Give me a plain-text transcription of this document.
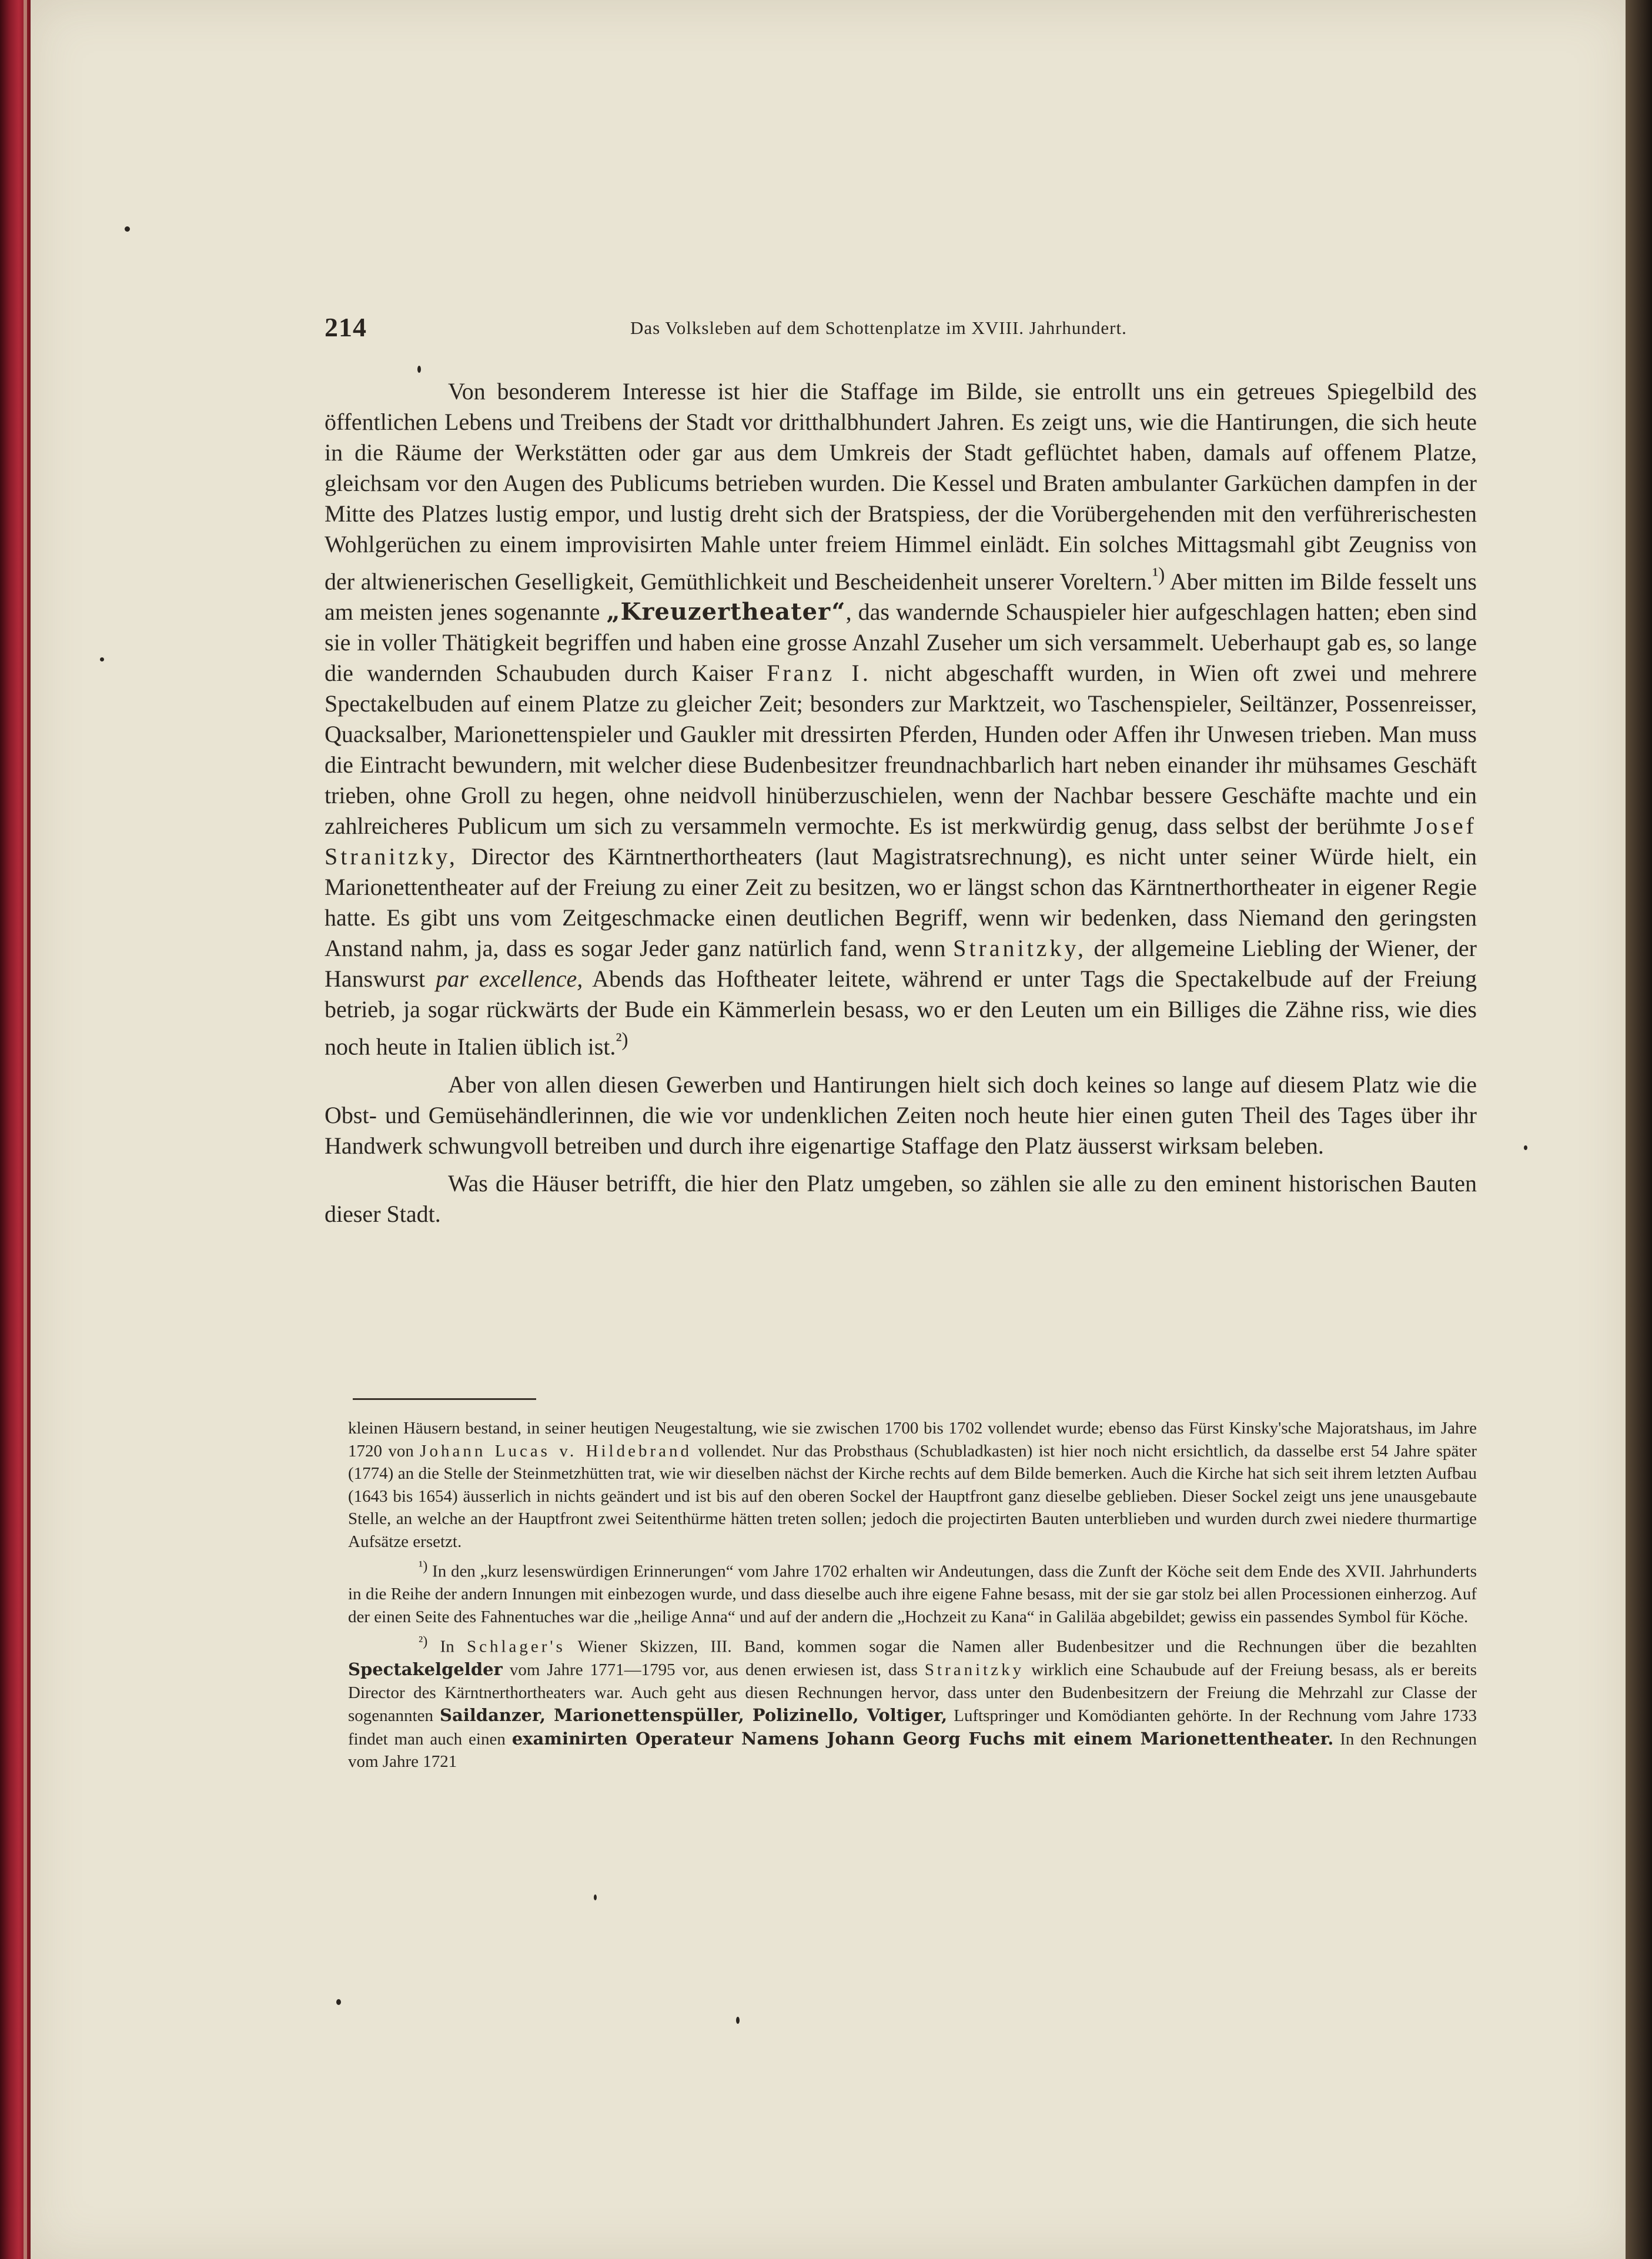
214	Das Volksleben auf dem Schottenplatze im XVIII. Jahrhundert.

Von besonderem Interesse ist hier die Staffage im Bilde, sie entrollt uns ein getreues Spiegelbild des öffentlichen Lebens und Treibens der Stadt vor dritthalbhundert Jahren. Es zeigt uns, wie die Hantirungen, die sich heute in die Räume der Werkstätten oder gar aus dem Umkreis der Stadt geflüchtet haben, damals auf offenem Platze, gleichsam vor den Augen des Publicums betrieben wurden. Die Kessel und Braten ambulanter Garküchen dampfen in der Mitte des Platzes lustig empor, und lustig dreht sich der Bratspiess, der die Vorübergehenden mit den verführerischesten Wohlgerüchen zu einem improvisirten Mahle unter freiem Himmel einlädt. Ein solches Mittagsmahl gibt Zeugniss von der altwienerischen Geselligkeit, Gemüthlichkeit und Bescheidenheit unserer Voreltern.$^{^1)}$ Aber mitten im Bilde fesselt uns am meisten jenes sogenannte „Kreuzertheater“, das wandernde Schauspieler hier aufgeschlagen hatten; eben sind sie in voller Thätigkeit begriffen und haben eine grosse Anzahl Zuseher um sich versammelt. Ueberhaupt gab es, so lange die wandernden Schaubuden durch Kaiser Franz I. nicht abgeschafft wurden, in Wien oft zwei und mehrere Spectakelbuden auf einem Platze zu gleicher Zeit; besonders zur Marktzeit, wo Taschenspieler, Seiltänzer, Possenreisser, Quacksalber, Marionettenspieler und Gaukler mit dressirten Pferden, Hunden oder Affen ihr Unwesen trieben. Man muss die Eintracht bewundern, mit welcher diese Budenbesitzer freundnachbarlich hart neben einander ihr mühsames Geschäft trieben, ohne Groll zu hegen, ohne neidvoll hinüberzuschielen, wenn der Nachbar bessere Geschäfte machte und ein zahlreicheres Publicum um sich zu versammeln vermochte. Es ist merkwürdig genug, dass selbst der berühmte Josef Stranitzky, Director des Kärntnerthortheaters (laut Magistratsrechnung), es nicht unter seiner Würde hielt, ein Marionettentheater auf der Freiung zu einer Zeit zu besitzen, wo er längst schon das Kärntnerthortheater in eigener Regie hatte. Es gibt uns vom Zeitgeschmacke einen deutlichen Begriff, wenn wir bedenken, dass Niemand den geringsten Anstand nahm, ja, dass es sogar Jeder ganz natürlich fand, wenn Stranitzky, der allgemeine Liebling der Wiener, der Hanswurst par excellence, Abends das Hoftheater leitete, während er unter Tags die Spectakelbude auf der Freiung betrieb, ja sogar rückwärts der Bude ein Kämmerlein besass, wo er den Leuten um ein Billiges die Zähne riss, wie dies noch heute in Italien üblich ist.$^{^2)}$

Aber von allen diesen Gewerben und Hantirungen hielt sich doch keines so lange auf diesem Platz wie die Obst- und Gemüsehändlerinnen, die wie vor undenklichen Zeiten noch heute hier einen guten Theil des Tages über ihr Handwerk schwungvoll betreiben und durch ihre eigenartige Staffage den Platz äusserst wirksam beleben.

Was die Häuser betrifft, die hier den Platz umgeben, so zählen sie alle zu den eminent historischen Bauten dieser Stadt.

kleinen Häusern bestand, in seiner heutigen Neugestaltung, wie sie zwischen 1700 bis 1702 vollendet wurde; ebenso das Fürst Kinsky'sche Majoratshaus, im Jahre 1720 von Johann Lucas v. Hildebrand vollendet. Nur das Probsthaus (Schubladkasten) ist hier noch nicht ersichtlich, da dasselbe erst 54 Jahre später (1774) an die Stelle der Steinmetzhütten trat, wie wir dieselben nächst der Kirche rechts auf dem Bilde bemerken. Auch die Kirche hat sich seit ihrem letzten Aufbau (1643 bis 1654) äusserlich in nichts geändert und ist bis auf den oberen Sockel der Hauptfront ganz dieselbe geblieben. Dieser Sockel zeigt uns jene unausgebaute Stelle, an welche an der Hauptfront zwei Seitenthürme hätten treten sollen; jedoch die projectirten Bauten unterblieben und wurden durch zwei niedere thurmartige Aufsätze ersetzt.

$^{^1)}$ In den „kurz lesenswürdigen Erinnerungen“ vom Jahre 1702 erhalten wir Andeutungen, dass die Zunft der Köche seit dem Ende des XVII. Jahrhunderts in die Reihe der andern Innungen mit einbezogen wurde, und dass dieselbe auch ihre eigene Fahne besass, mit der sie gar stolz bei allen Processionen einherzog. Auf der einen Seite des Fahnentuches war die „heilige Anna“ und auf der andern die „Hochzeit zu Kana“ in Galiläa abgebildet; gewiss ein passendes Symbol für Köche.

$^{^2)}$ In Schlager's Wiener Skizzen, III. Band, kommen sogar die Namen aller Budenbesitzer und die Rechnungen über die bezahlten Spectakelgelder vom Jahre 1771—1795 vor, aus denen erwiesen ist, dass Stranitzky wirklich eine Schaubude auf der Freiung besass, als er bereits Director des Kärntnerthortheaters war. Auch geht aus diesen Rechnungen hervor, dass unter den Budenbesitzern der Freiung die Mehrzahl zur Classe der sogenannten Saildanzer, Marionettenspüller, Polizinello, Voltiger, Luftspringer und Komödianten gehörte. In der Rechnung vom Jahre 1733 findet man auch einen examinirten Operateur Namens Johann Georg Fuchs mit einem Marionettentheater. In den Rechnungen vom Jahre 1721
